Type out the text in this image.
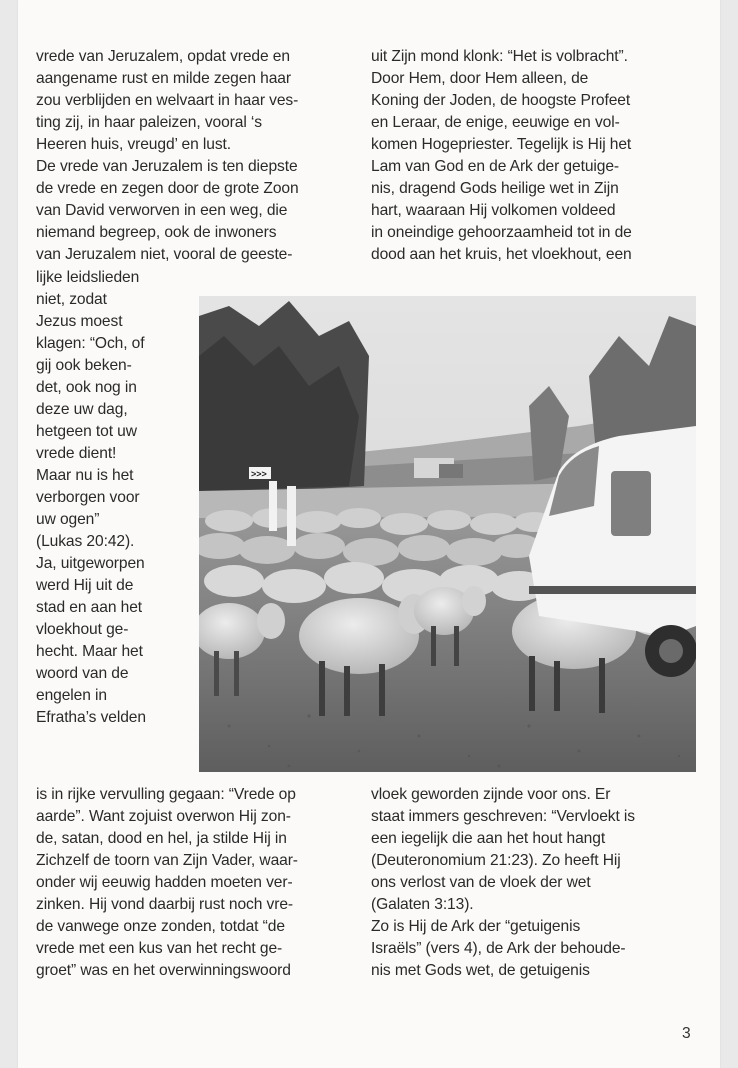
vrede van Jeruzalem, opdat vrede en
aangename rust en milde zegen haar
zou verblijden en welvaart in haar ves-
ting zij, in haar paleizen, vooral ‘s
Heeren huis, vreugd’ en lust.
De vrede van Jeruzalem is ten diepste
de vrede en zegen door de grote Zoon
van David verworven in een weg, die
niemand begreep, ook de inwoners
van Jeruzalem niet, vooral de geeste-
uit Zijn mond klonk: “Het is volbracht”.
Door Hem, door Hem alleen, de
Koning der Joden, de hoogste Profeet
en Leraar, de enige, eeuwige en vol-
komen Hogepriester. Tegelijk is Hij het
Lam van God en de Ark der getuige-
nis, dragend Gods heilige wet in Zijn
hart, waaraan Hij volkomen voldeed
in oneindige gehoorzaamheid tot in de
dood aan het kruis, het vloekhout, een
lijke leidslieden
niet, zodat
Jezus moest
klagen: “Och, of
gij ook beken-
det, ook nog in
deze uw dag,
hetgeen tot uw
vrede dient!
Maar nu is het
verborgen voor
uw ogen”
(Lukas 20:42).
Ja, uitgeworpen
werd Hij uit de
stad en aan het
vloekhout ge-
hecht. Maar het
woord van de
engelen in
Efratha’s velden
>>>
is in rijke vervulling gegaan: “Vrede op
aarde”. Want zojuist overwon Hij zon-
de, satan, dood en hel, ja stilde Hij in
Zichzelf de toorn van Zijn Vader, waar-
onder wij eeuwig hadden moeten ver-
zinken. Hij vond daarbij rust noch vre-
de vanwege onze zonden, totdat “de
vrede met een kus van het recht ge-
groet” was en het overwinningswoord
vloek geworden zijnde voor ons. Er
staat immers geschreven: “Vervloekt is
een iegelijk die aan het hout hangt
(Deuteronomium 21:23). Zo heeft Hij
ons verlost van de vloek der wet
(Galaten 3:13).
Zo is Hij de Ark der “getuigenis
Israëls” (vers 4), de Ark der behoude-
nis met Gods wet, de getuigenis
3
